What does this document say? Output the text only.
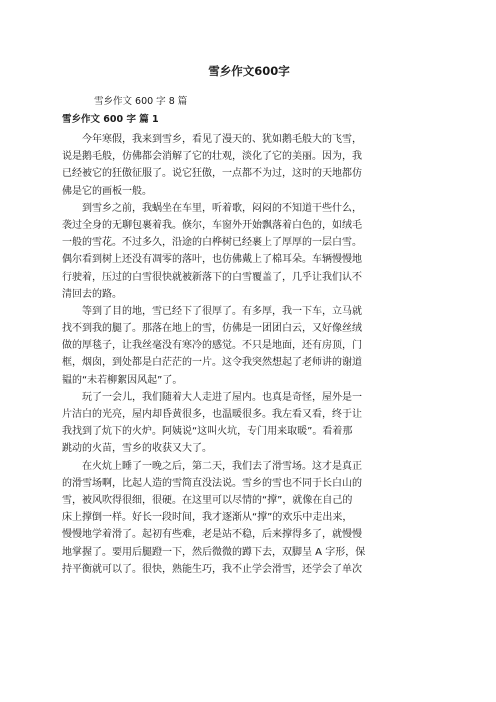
雪乡作文600字
雪乡作文 600 字 8 篇
雪乡作文 600 字 篇 1

今年寒假，我来到雪乡，看见了漫天的、犹如鹅毛般大的飞雪，
说是鹅毛般，仿佛都会消解了它的壮观，淡化了它的美丽。因为，我
已经被它的狂傲征服了。说它狂傲，一点都不为过，这时的天地都仿
佛是它的画板一般。

到雪乡之前，我蜗坐在车里，听着歌，闷闷的不知道干些什么，
袭过全身的无聊包裹着我。倏尔，车窗外开始飘落着白色的，如绒毛
一般的雪花。不过多久，沿途的白桦树已经裹上了厚厚的一层白雪。
偶尔看到树上还没有凋零的落叶，也仿佛戴上了棉耳朵。车辆慢慢地
行驶着，压过的白雪很快就被新落下的白雪覆盖了，几乎让我们认不
清回去的路。

等到了目的地，雪已经下了很厚了。有多厚，我一下车，立马就
找不到我的腿了。那落在地上的雪，仿佛是一团团白云，又好像丝绒
做的厚毯子，让我丝毫没有寒冷的感觉。不只是地面，还有房顶，门
框，烟囱，到处都是白茫茫的一片。这令我突然想起了老师讲的谢道
韫的“未若柳絮因风起”了。

玩了一会儿，我们随着大人走进了屋内。也真是奇怪，屋外是一
片洁白的光亮，屋内却昏黄很多，也温暖很多。我左看又看，终于让
我找到了炕下的火炉。阿姨说“这叫火坑，专门用来取暖”。看着那
跳动的火苗，雪乡的收获又大了。

在火炕上睡了一晚之后，第二天，我们去了滑雪场。这才是真正
的滑雪场啊，比起人造的雪简直没法说。雪乡的雪也不同于长白山的
雪，被风吹得很细，很硬。在这里可以尽情的“撑”，就像在自己的
床上撑倒一样。好长一段时间，我才逐渐从“撑”的欢乐中走出来，
慢慢地学着滑了。起初有些难，老是站不稳，后来撑得多了，就慢慢
地掌握了。要用后腿蹬一下，然后微微的蹲下去，双脚呈 A 字形，保
持平衡就可以了。很快，熟能生巧，我不止学会滑雪，还学会了单次
